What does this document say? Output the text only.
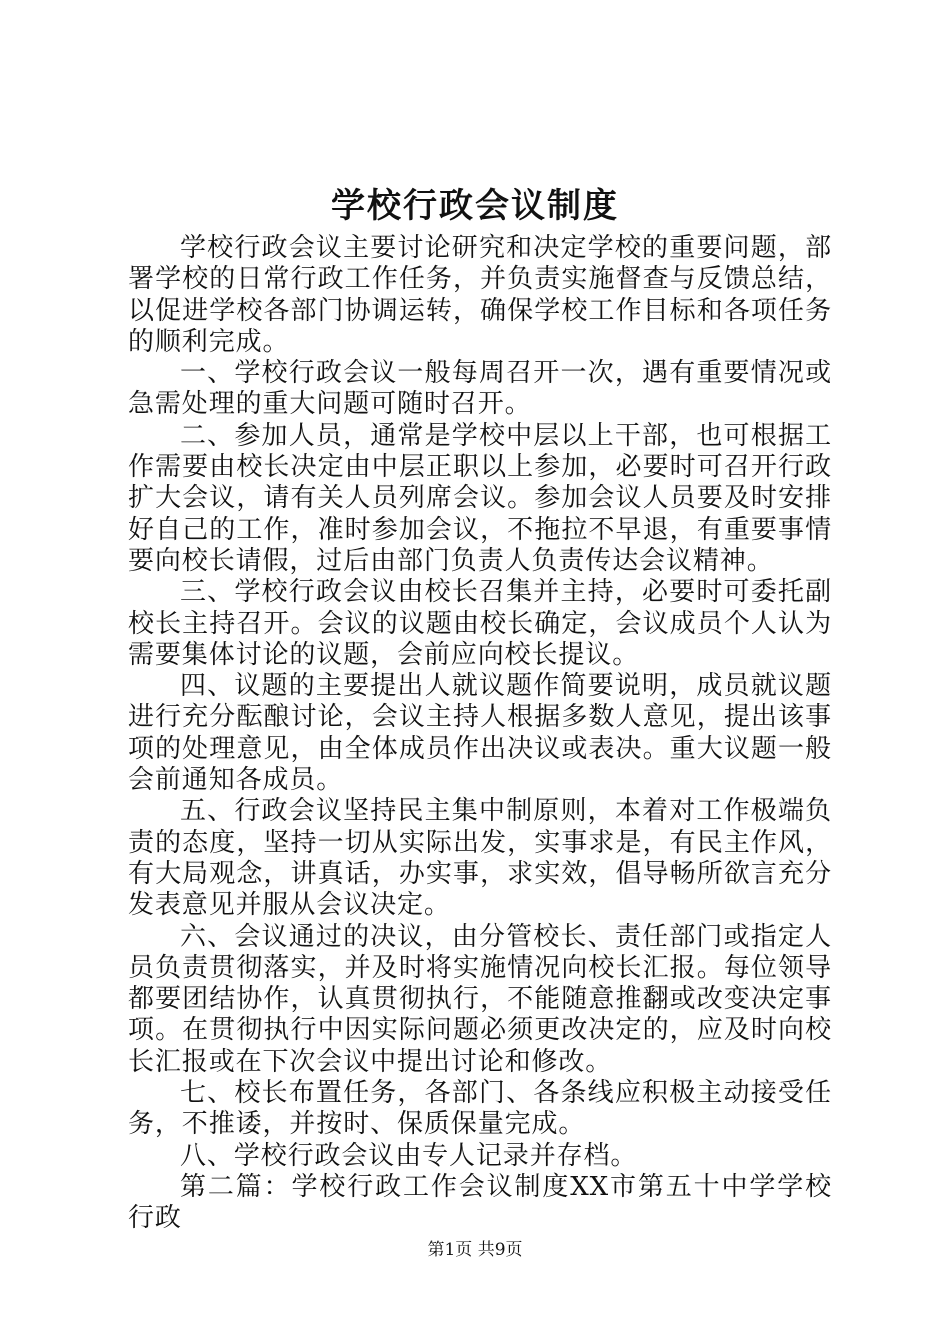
学校行政会议制度

学校行政会议主要讨论研究和决定学校的重要问题，部署学校的日常行政工作任务，并负责实施督查与反馈总结，以促进学校各部门协调运转，确保学校工作目标和各项任务的顺利完成。

一、学校行政会议一般每周召开一次，遇有重要情况或急需处理的重大问题可随时召开。

二、参加人员，通常是学校中层以上干部，也可根据工作需要由校长决定由中层正职以上参加，必要时可召开行政扩大会议，请有关人员列席会议。参加会议人员要及时安排好自己的工作，准时参加会议，不拖拉不早退，有重要事情要向校长请假，过后由部门负责人负责传达会议精神。

三、学校行政会议由校长召集并主持，必要时可委托副校长主持召开。会议的议题由校长确定，会议成员个人认为需要集体讨论的议题，会前应向校长提议。

四、议题的主要提出人就议题作简要说明，成员就议题进行充分酝酿讨论，会议主持人根据多数人意见，提出该事项的处理意见，由全体成员作出决议或表决。重大议题一般会前通知各成员。

五、行政会议坚持民主集中制原则，本着对工作极端负责的态度，坚持一切从实际出发，实事求是，有民主作风，有大局观念，讲真话，办实事，求实效，倡导畅所欲言充分发表意见并服从会议决定。

六、会议通过的决议，由分管校长、责任部门或指定人员负责贯彻落实，并及时将实施情况向校长汇报。每位领导都要团结协作，认真贯彻执行，不能随意推翻或改变决定事项。在贯彻执行中因实际问题必须更改决定的，应及时向校长汇报或在下次会议中提出讨论和修改。

七、校长布置任务，各部门、各条线应积极主动接受任务，不推诿，并按时、保质保量完成。

八、学校行政会议由专人记录并存档。

第二篇：学校行政工作会议制度XX市第五十中学学校行政

第1页 共9页
